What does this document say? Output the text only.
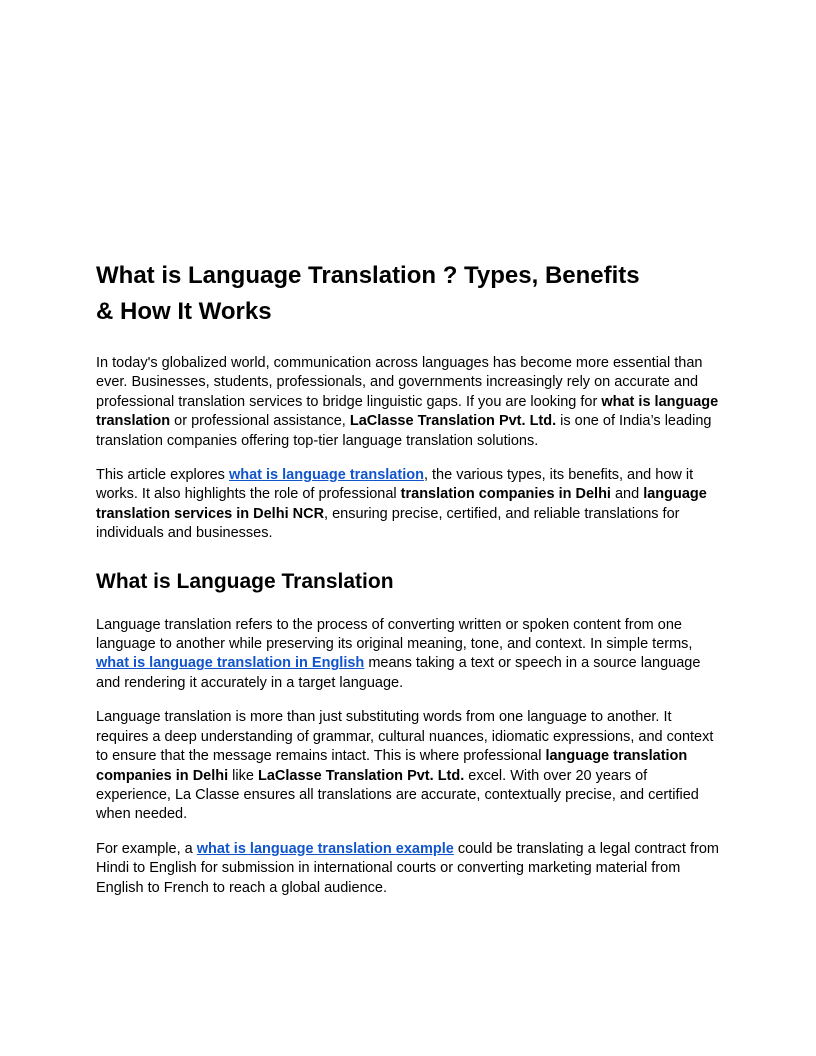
What is Language Translation ? Types, Benefits
& How It Works

In today's globalized world, communication across languages has become more essential than ever. Businesses, students, professionals, and governments increasingly rely on accurate and professional translation services to bridge linguistic gaps. If you are looking for what is language translation or professional assistance, LaClasse Translation Pvt. Ltd. is one of India’s leading translation companies offering top-tier language translation solutions.

This article explores what is language translation, the various types, its benefits, and how it works. It also highlights the role of professional translation companies in Delhi and language translation services in Delhi NCR, ensuring precise, certified, and reliable translations for individuals and businesses.

What is Language Translation

Language translation refers to the process of converting written or spoken content from one language to another while preserving its original meaning, tone, and context. In simple terms, what is language translation in English means taking a text or speech in a source language and rendering it accurately in a target language.

Language translation is more than just substituting words from one language to another. It requires a deep understanding of grammar, cultural nuances, idiomatic expressions, and context to ensure that the message remains intact. This is where professional language translation companies in Delhi like LaClasse Translation Pvt. Ltd. excel. With over 20 years of experience, La Classe ensures all translations are accurate, contextually precise, and certified when needed.

For example, a what is language translation example could be translating a legal contract from Hindi to English for submission in international courts or converting marketing material from English to French to reach a global audience.
